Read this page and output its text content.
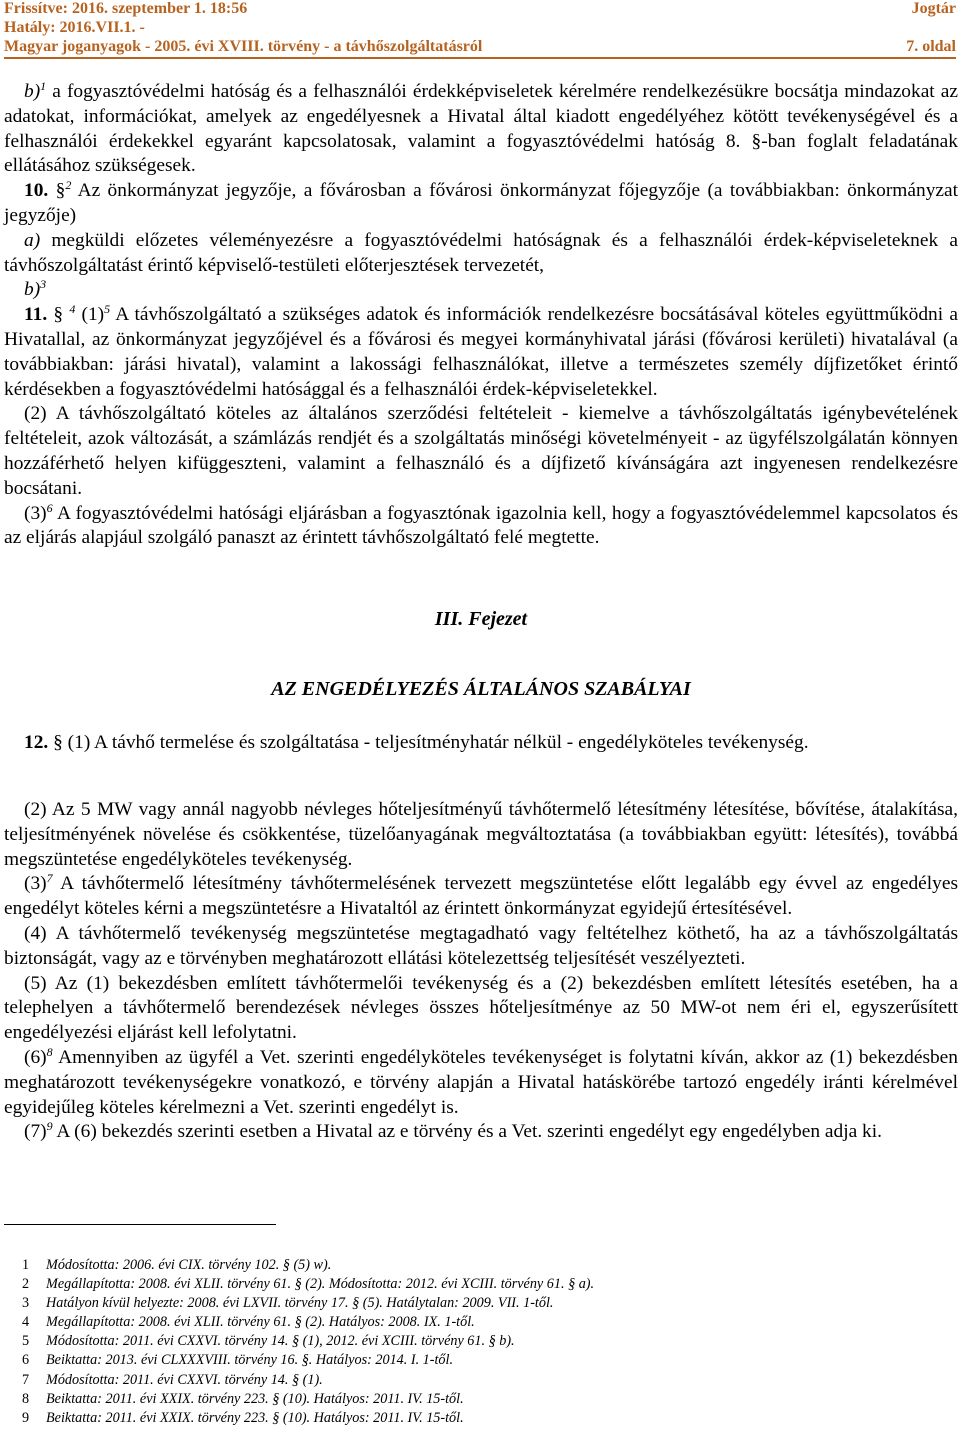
Frissítve: 2016. szeptember 1. 18:56	Jogtár
Hatály: 2016.VII.1. -
Magyar joganyagok - 2005. évi XVIII. törvény - a távhőszolgáltatásról	7. oldal

b)$^1$ a fogyasztóvédelmi hatóság és a felhasználói érdekképviseletek kérelmére rendelkezésükre bocsátja mindazokat az adatokat, információkat, amelyek az engedélyesnek a Hivatal által kiadott engedélyéhez kötött tevékenységével és a felhasználói érdekekkel egyaránt kapcsolatosak, valamint a fogyasztóvédelmi hatóság 8. §-ban foglalt feladatának ellátásához szükségesek.

10. §$^2$ Az önkormányzat jegyzője, a fővárosban a fővárosi önkormányzat főjegyzője (a továbbiakban: önkormányzat jegyzője)

a) megküldi előzetes véleményezésre a fogyasztóvédelmi hatóságnak és a felhasználói érdek-képviseleteknek a távhőszolgáltatást érintő képviselő-testületi előterjesztések tervezetét,

b)$^3$

11. § $^4$ $(1)^5$ A távhőszolgáltató a szükséges adatok és információk rendelkezésre bocsátásával köteles együttműködni a Hivatallal, az önkormányzat jegyzőjével és a fővárosi és megyei kormányhivatal járási (fővárosi kerületi) hivatalával (a továbbiakban: járási hivatal), valamint a lakossági felhasználókat, illetve a természetes személy díjfizetőket érintő kérdésekben a fogyasztóvédelmi hatósággal és a felhasználói érdek-képviseletekkel.

(2) A távhőszolgáltató köteles az általános szerződési feltételeit - kiemelve a távhőszolgáltatás igénybevételének feltételeit, azok változását, a számlázás rendjét és a szolgáltatás minőségi követelményeit - az ügyfélszolgálatán könnyen hozzáférhető helyen kifüggeszteni, valamint a felhasználó és a díjfizető kívánságára azt ingyenesen rendelkezésre bocsátani.

$(3)^6$ A fogyasztóvédelmi hatósági eljárásban a fogyasztónak igazolnia kell, hogy a fogyasztóvédelemmel kapcsolatos és az eljárás alapjául szolgáló panaszt az érintett távhőszolgáltató felé megtette.

III. Fejezet
AZ ENGEDÉLYEZÉS ÁLTALÁNOS SZABÁLYAI

12. § (1) A távhő termelése és szolgáltatása - teljesítményhatár nélkül - engedélyköteles tevékenység.

(2) Az 5 MW vagy annál nagyobb névleges hőteljesítményű távhőtermelő létesítmény létesítése, bővítése, átalakítása, teljesítményének növelése és csökkentése, tüzelőanyagának megváltoztatása (a továbbiakban együtt: létesítés), továbbá megszüntetése engedélyköteles tevékenység.

$(3)^7$ A távhőtermelő létesítmény távhőtermelésének tervezett megszüntetése előtt legalább egy évvel az engedélyes engedélyt köteles kérni a megszüntetésre a Hivataltól az érintett önkormányzat egyidejű értesítésével.

(4) A távhőtermelő tevékenység megszüntetése megtagadható vagy feltételhez köthető, ha az a távhőszolgáltatás biztonságát, vagy az e törvényben meghatározott ellátási kötelezettség teljesítését veszélyezteti.

(5) Az (1) bekezdésben említett távhőtermelői tevékenység és a (2) bekezdésben említett létesítés esetében, ha a telephelyen a távhőtermelő berendezések névleges összes hőteljesítménye az 50 MW-ot nem éri el, egyszerűsített engedélyezési eljárást kell lefolytatni.

$(6)^8$ Amennyiben az ügyfél a Vet. szerinti engedélyköteles tevékenységet is folytatni kíván, akkor az (1) bekezdésben meghatározott tevékenységekre vonatkozó, e törvény alapján a Hivatal hatáskörébe tartozó engedély iránti kérelmével egyidejűleg köteles kérelmezni a Vet. szerinti engedélyt is.

$(7)^9$ A (6) bekezdés szerinti esetben a Hivatal az e törvény és a Vet. szerinti engedélyt egy engedélyben adja ki.

1	Módosította: 2006. évi CIX. törvény 102. § (5) w).
2	Megállapította: 2008. évi XLII. törvény 61. § (2). Módosította: 2012. évi XCIII. törvény 61. § a).
3	Hatályon kívül helyezte: 2008. évi LXVII. törvény 17. § (5). Hatálytalan: 2009. VII. 1-től.
4	Megállapította: 2008. évi XLII. törvény 61. § (2). Hatályos: 2008. IX. 1-től.
5	Módosította: 2011. évi CXXVI. törvény 14. § (1), 2012. évi XCIII. törvény 61. § b).
6	Beiktatta: 2013. évi CLXXXVIII. törvény 16. §. Hatályos: 2014. I. 1-től.
7	Módosította: 2011. évi CXXVI. törvény 14. § (1).
8	Beiktatta: 2011. évi XXIX. törvény 223. § (10). Hatályos: 2011. IV. 15-től.
9	Beiktatta: 2011. évi XXIX. törvény 223. § (10). Hatályos: 2011. IV. 15-től.
